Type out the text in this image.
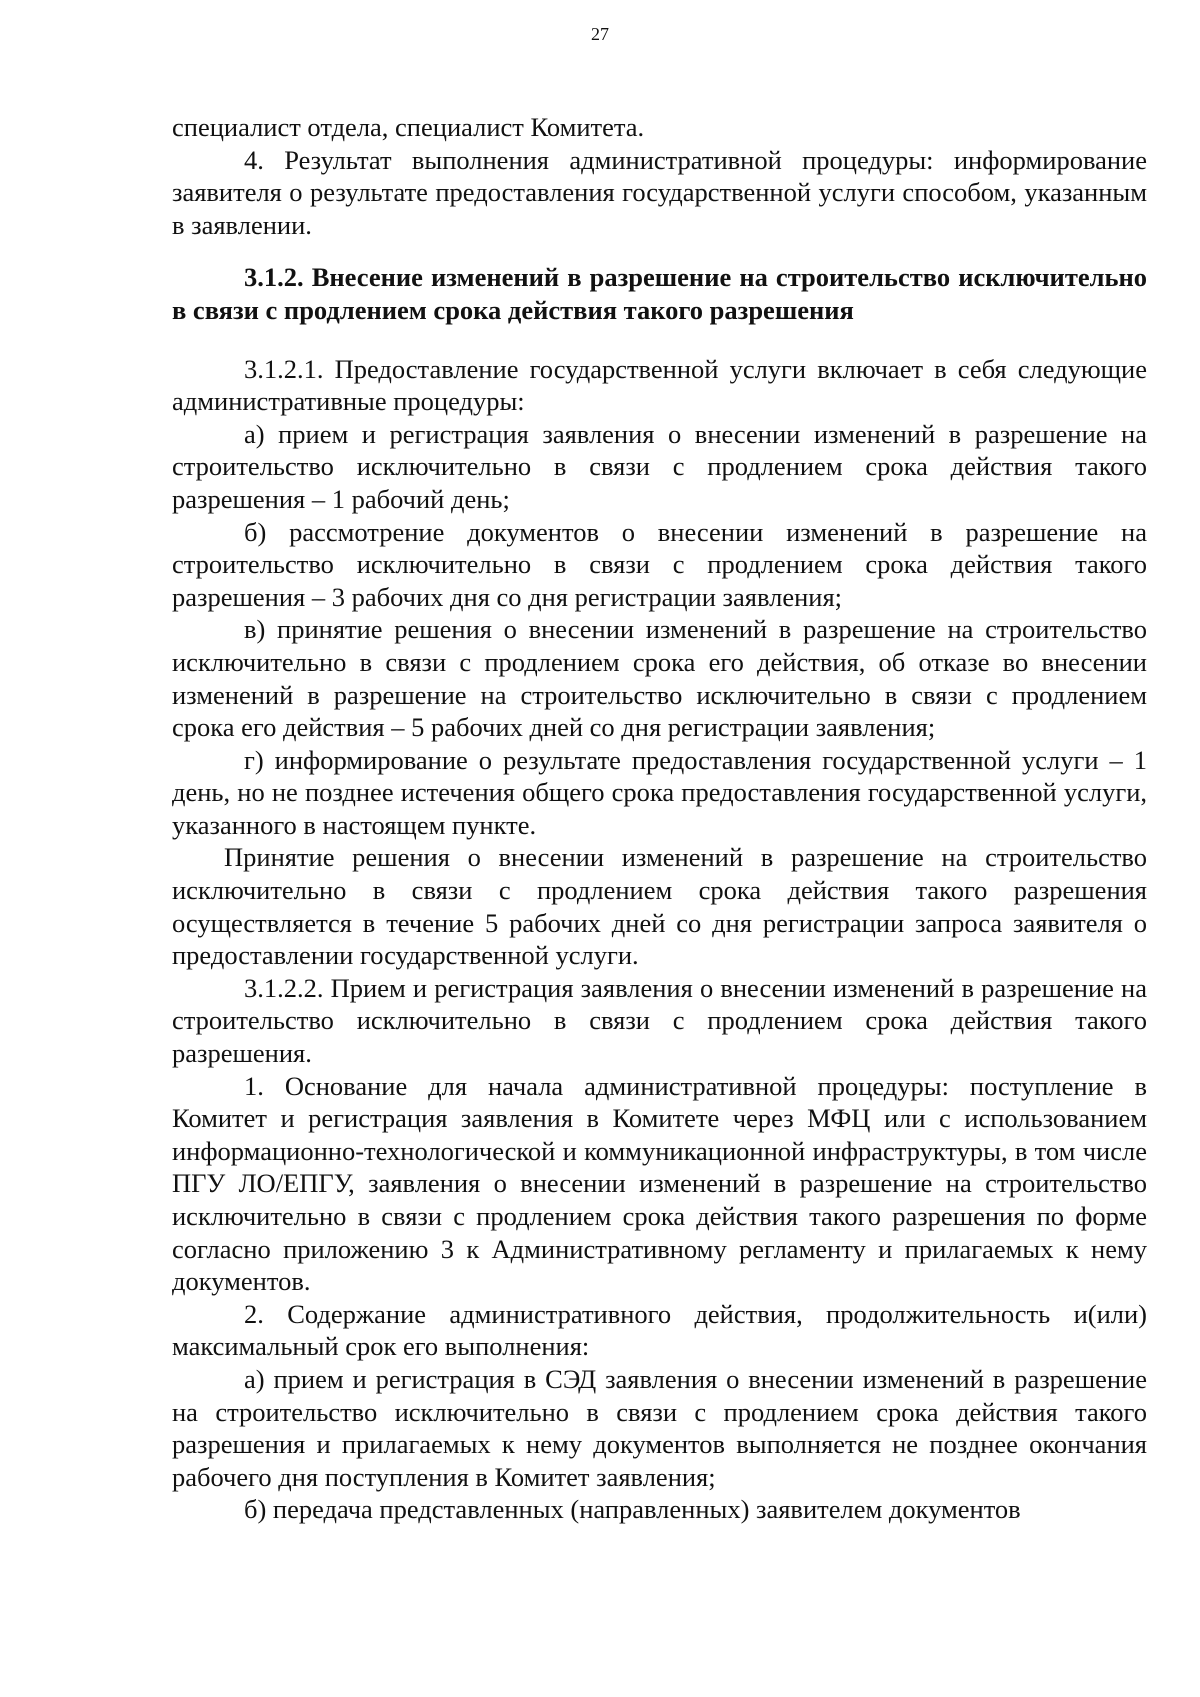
27

специалист отдела, специалист Комитета.

4. Результат выполнения административной процедуры: информирование заявителя о результате предоставления государственной услуги способом, указанным в заявлении.

3.1.2. Внесение изменений в разрешение на строительство исключительно в связи с продлением срока действия такого разрешения

3.1.2.1. Предоставление государственной услуги включает в себя следующие административные процедуры:

а) прием и регистрация заявления о внесении изменений в разрешение на строительство исключительно в связи с продлением срока действия такого разрешения – 1 рабочий день;

б) рассмотрение документов о внесении изменений в разрешение на строительство исключительно в связи с продлением срока действия такого разрешения – 3 рабочих дня со дня регистрации заявления;

в) принятие решения о внесении изменений в разрешение на строительство исключительно в связи с продлением срока его действия, об отказе во внесении изменений в разрешение на строительство исключительно в связи с продлением срока его действия – 5 рабочих дней со дня регистрации заявления;

г) информирование о результате предоставления государственной услуги – 1 день, но не позднее истечения общего срока предоставления государственной услуги, указанного в настоящем пункте.

Принятие решения о внесении изменений в разрешение на строительство исключительно в связи с продлением срока действия такого разрешения осуществляется в течение 5 рабочих дней со дня регистрации запроса заявителя о предоставлении государственной услуги.

3.1.2.2. Прием и регистрация заявления о внесении изменений в разрешение на строительство исключительно в связи с продлением срока действия такого разрешения.

1. Основание для начала административной процедуры: поступление в Комитет и регистрация заявления в Комитете через МФЦ или с использованием информационно-технологической и коммуникационной инфраструктуры, в том числе ПГУ ЛО/ЕПГУ, заявления о внесении изменений в разрешение на строительство исключительно в связи с продлением срока действия такого разрешения по форме согласно приложению 3 к Административному регламенту и прилагаемых к нему документов.

2. Содержание административного действия, продолжительность и(или) максимальный срок его выполнения:

а) прием и регистрация в СЭД заявления о внесении изменений в разрешение на строительство исключительно в связи с продлением срока действия такого разрешения и прилагаемых к нему документов выполняется не позднее окончания рабочего дня поступления в Комитет заявления;

б) передача представленных (направленных) заявителем документов
